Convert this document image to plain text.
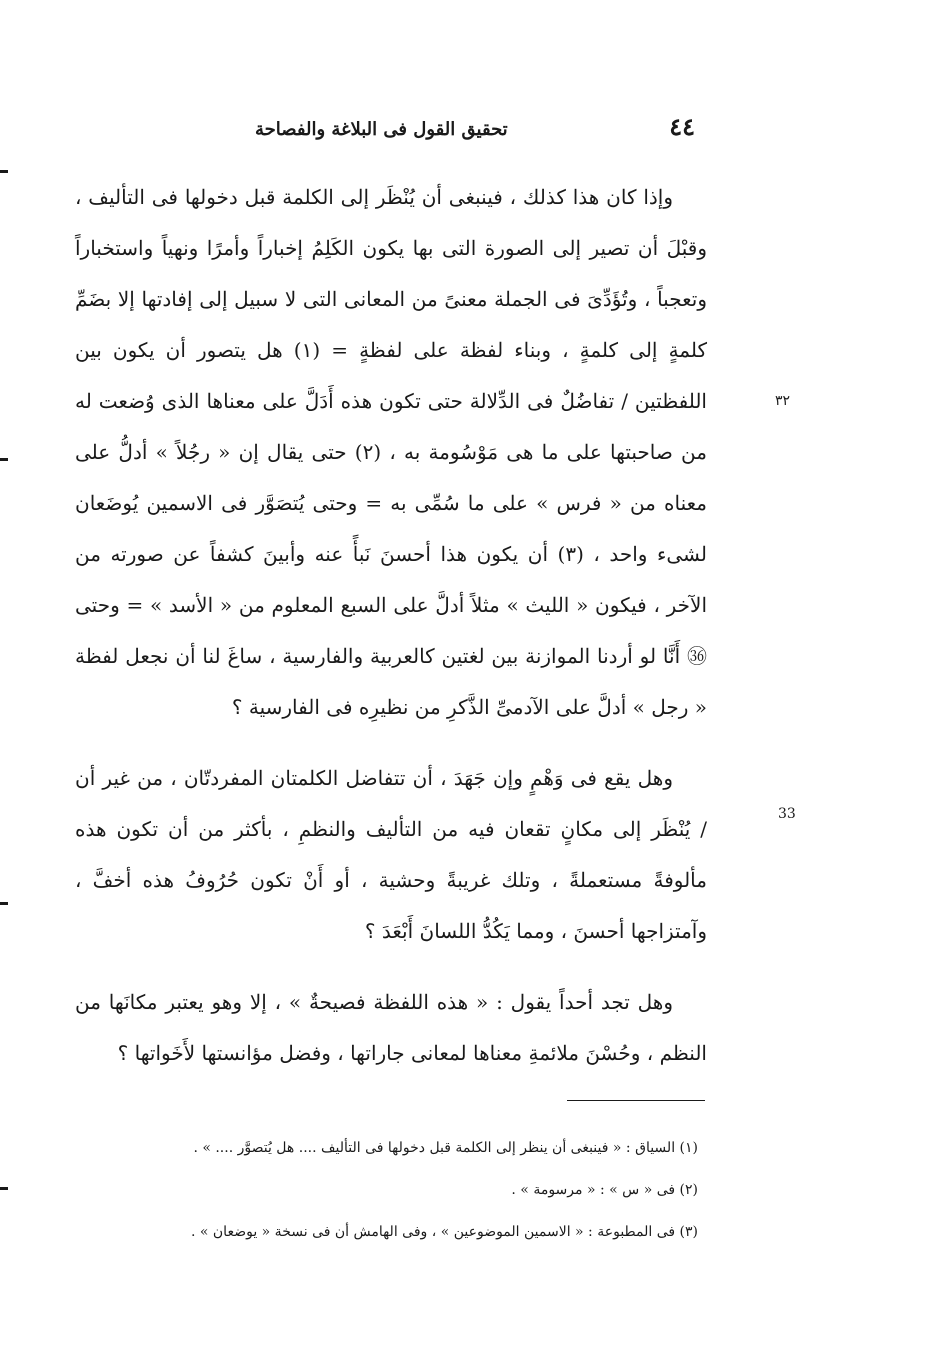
٤٤
تحقيق القول فى البلاغة والفصاحة
٣٢
33

وإذا كان هذا كذلك ، فينبغى أن يُنْظَر إلى الكلمة قبل دخولها فى التأليف ، وقبْلَ أن تصير إلى الصورة التى بها يكون الكَلِمُ إخباراً وأمرًا ونهياً واستخباراً وتعجباً ، وتُؤَدِّىَ فى الجملة معنىً من المعانى التى لا سبيل إلى إفادتها إلا بضَمِّ كلمةٍ إلى كلمةٍ ، وبناء لفظة على لفظةٍ = (١) هل يتصور أن يكون بين اللفظتين / تفاضُلٌ فى الدِّلالة حتى تكون هذه أَدَلَّ على معناها الذى وُضعت له من صاحبتها على ما هى مَوْسُومة به ، (٢) حتى يقال إن « رجُلاً » أدلُّ على معناه من « فرس » على ما سُمِّى به = وحتى يُتصَوَّر فى الاسمين يُوضَعان لشىء واحد ، (٣) أن يكون هذا أحسنَ نَبأً عنه وأبينَ كشفاً عن صورته من الآخر ، فيكون « الليث » مثلاً أدلَّ على السبع المعلوم من « الأسد » = وحتى ㊱ أَنَّا لو أردنا الموازنة بين لغتين كالعربية والفارسية ، ساغَ لنا أن نجعل لفظة « رجل » أدلَّ على الآدمىِّ الذَّكرِ من نظيرِه فى الفارسية ؟

وهل يقع فى وَهْمٍ وإن جَهَدَ ، أن تتفاضل الكلمتان المفردتّان ، من غير أن / يُنْظَر إلى مكانٍ تقعان فيه من التأليف والنظمِ ، بأكثر من أن تكون هذه مألوفةً مستعملةً ، وتلك غريبةً وحشية ، أو أَنْ تكون حُرُوفُ هذه أخفَّ ، وآمتزاجها أحسنَ ، ومما يَكُدُّ اللسانَ أَبْعَدَ ؟

وهل تجد أحداً يقول : « هذه اللفظة فصيحةٌ » ، إلا وهو يعتبر مكانَها من النظم ، وحُسْنَ ملائمةِ معناها لمعانى جاراتها ، وفضل مؤانستها لأَخَواتها ؟

(١) السياق : « فينبغى أن ينظر إلى الكلمة قبل دخولها فى التأليف .... هل يُتصوَّر .... » .

(٢) فى « س » : « مرسومة » .

(٣) فى المطبوعة : « الاسمين الموضوعين » ، وفى الهامش أن فى نسخة « يوضعان » .
